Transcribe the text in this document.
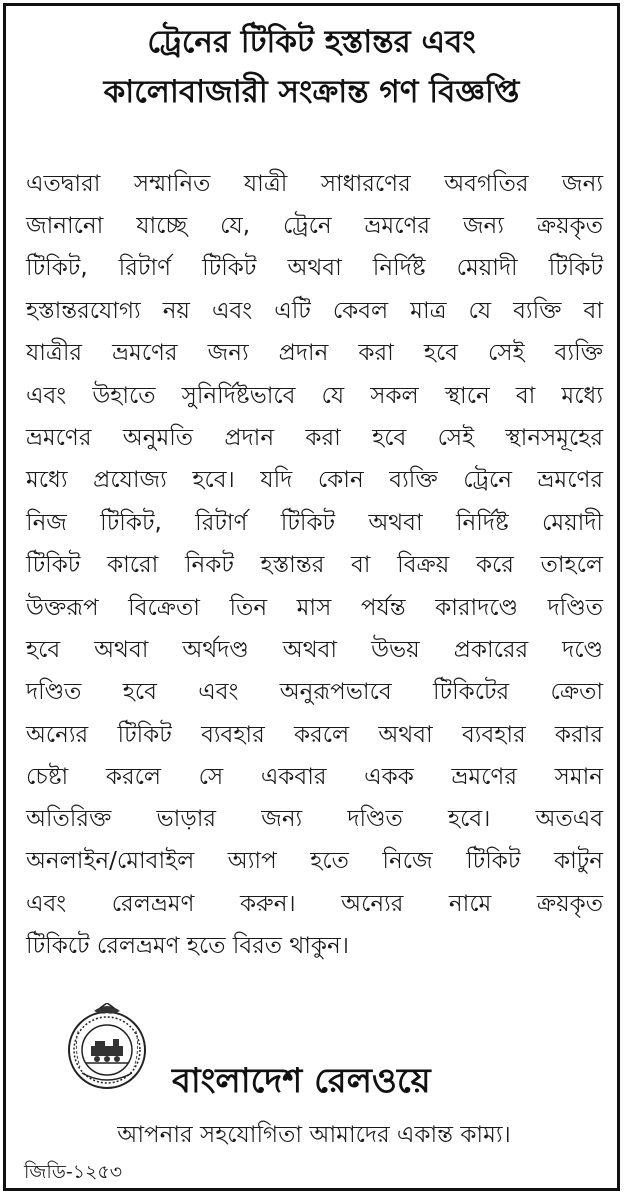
ট্রেনের টিকিট হস্তান্তর এবং
কালোবাজারী সংক্রান্ত গণ বিজ্ঞপ্তি
এতদ্বারা সম্মানিত যাত্রী সাধারণের অবগতির জন্য
জানানো যাচ্ছে যে, ট্রেনে ভ্রমণের জন্য ক্রয়কৃত
টিকিট, রিটার্ণ টিকিট অথবা নির্দিষ্ট মেয়াদী টিকিট
হস্তান্তরযোগ্য নয় এবং এটি কেবল মাত্র যে ব্যক্তি বা
যাত্রীর ভ্রমণের জন্য প্রদান করা হবে সেই ব্যক্তি
এবং উহাতে সুনির্দিষ্টভাবে যে সকল স্থানে বা মধ্যে
ভ্রমণের অনুমতি প্রদান করা হবে সেই স্থানসমূহের
মধ্যে প্রযোজ্য হবে। যদি কোন ব্যক্তি ট্রেনে ভ্রমণের
নিজ টিকিট, রিটার্ণ টিকিট অথবা নির্দিষ্ট মেয়াদী
টিকিট কারো নিকট হস্তান্তর বা বিক্রয় করে তাহলে
উক্তরূপ বিক্রেতা তিন মাস পর্যন্ত কারাদণ্ডে দণ্ডিত
হবে অথবা অর্থদণ্ড অথবা উভয় প্রকারের দণ্ডে
দণ্ডিত হবে এবং অনুরূপভাবে টিকিটের ক্রেতা
অন্যের টিকিট ব্যবহার করলে অথবা ব্যবহার করার
চেষ্টা করলে সে একবার একক ভ্রমণের সমান
অতিরিক্ত ভাড়ার জন্য দণ্ডিত হবে। অতএব
অনলাইন/মোবাইল অ্যাপ হতে নিজে টিকিট কাটুন
এবং রেলভ্রমণ করুন। অন্যের নামে ক্রয়কৃত
টিকিটে রেলভ্রমণ হতে বিরত থাকুন।
বাংলাদেশ রেলওয়ে
আপনার সহযোগিতা আমাদের একান্ত কাম্য।
জিডি-১২৫৩
